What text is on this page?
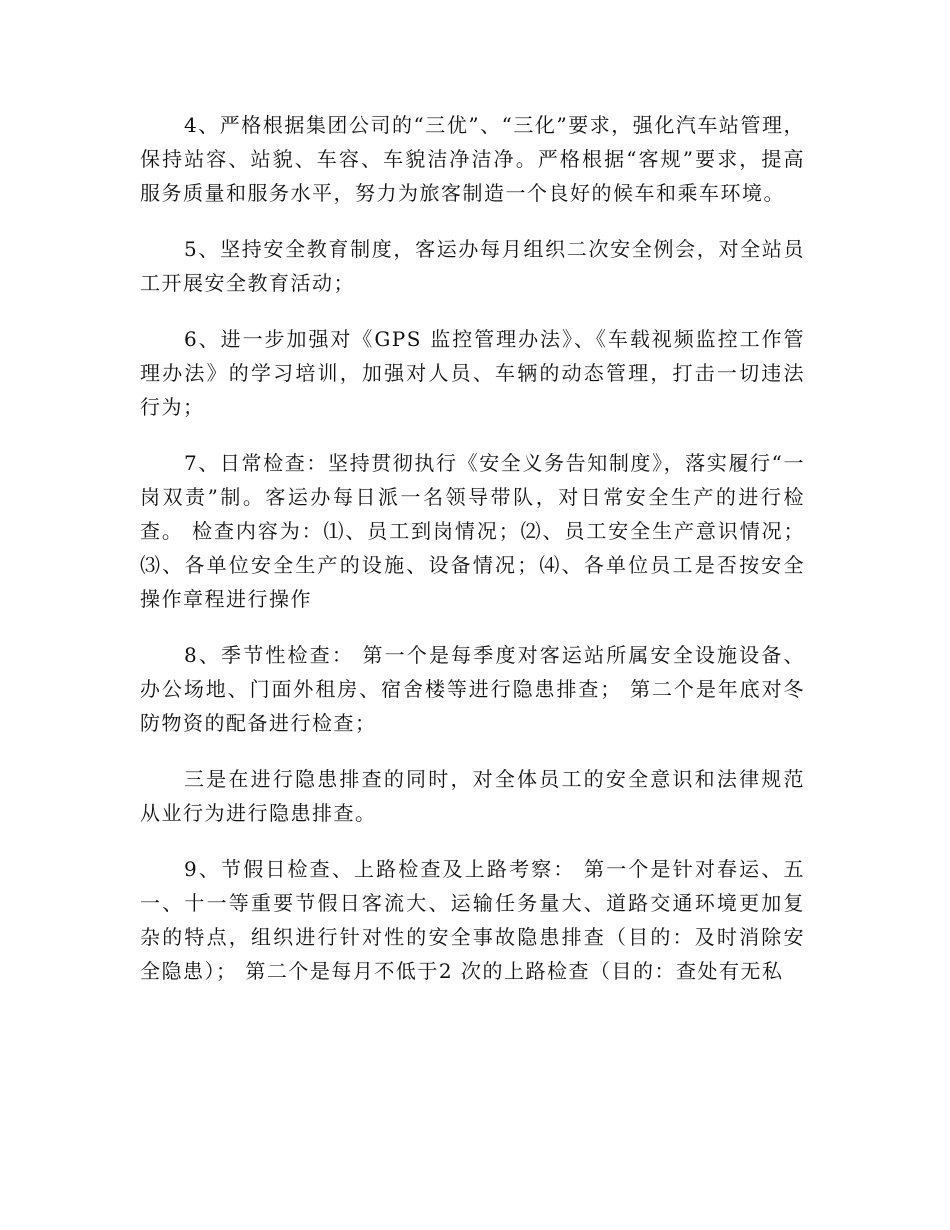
4、严格根据集团公司的“三优”、“三化”要求，强化汽车站管理，保持站容、站貌、车容、车貌洁净洁净。严格根据“客规”要求，提高服务质量和服务水平，努力为旅客制造一个良好的候车和乘车环境。

5、坚持安全教育制度，客运办每月组织二次安全例会，对全站员工开展安全教育活动；

6、进一步加强对《GPS 监控管理办法》、《车载视频监控工作管理办法》的学习培训，加强对人员、车辆的动态管理，打击一切违法行为；

7、日常检查：坚持贯彻执行《安全义务告知制度》，落实履行“一岗双责”制。客运办每日派一名领导带队，对日常安全生产的进行检查。 检查内容为：⑴、员工到岗情况；⑵、员工安全生产意识情况；⑶、各单位安全生产的设施、设备情况；⑷、各单位员工是否按安全操作章程进行操作

8、季节性检查： 第一个是每季度对客运站所属安全设施设备、办公场地、门面外租房、宿舍楼等进行隐患排查； 第二个是年底对冬防物资的配备进行检查；

三是在进行隐患排查的同时，对全体员工的安全意识和法律规范从业行为进行隐患排查。

9、节假日检查、上路检查及上路考察： 第一个是针对春运、五一、十一等重要节假日客流大、运输任务量大、道路交通环境更加复杂的特点，组织进行针对性的安全事故隐患排查（目的：及时消除安全隐患）； 第二个是每月不低于2 次的上路检查（目的：查处有无私
